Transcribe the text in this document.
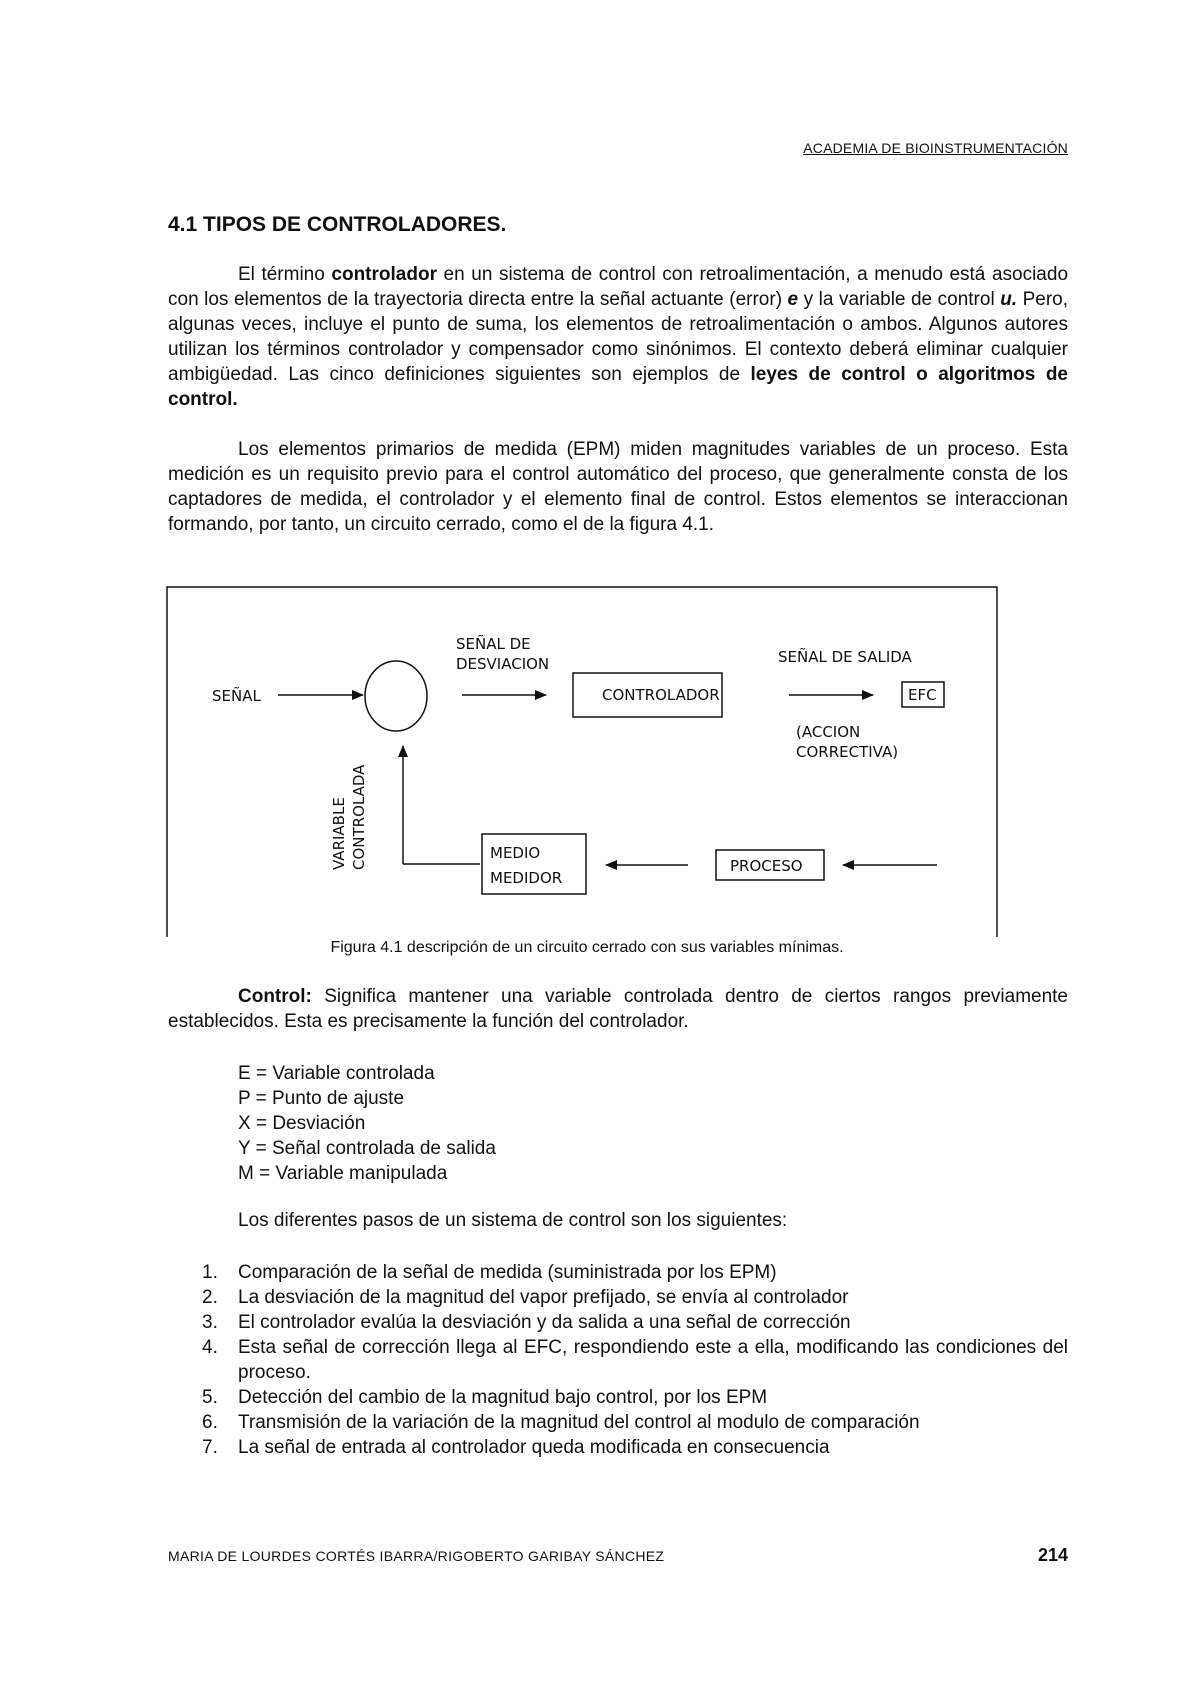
ACADEMIA DE BIOINSTRUMENTACIÓN
4.1 TIPOS DE CONTROLADORES.

El término controlador en un sistema de control con retroalimentación, a menudo está asociado con los elementos de la trayectoria directa entre la señal actuante (error) e y la variable de control u. Pero, algunas veces, incluye el punto de suma, los elementos de retroalimentación o ambos. Algunos autores utilizan los términos controlador y compensador como sinónimos. El contexto deberá eliminar cualquier ambigüedad. Las cinco definiciones siguientes son ejemplos de leyes de control o algoritmos de control.

Los elementos primarios de medida (EPM) miden magnitudes variables de un proceso. Esta medición es un requisito previo para el control automático del proceso, que generalmente consta de los captadores de medida, el controlador y el elemento final de control. Estos elementos se interaccionan formando, por tanto, un circuito cerrado, como el de la figura 4.1.

SEÑAL
SEÑAL DE
DESVIACION
CONTROLADOR
SEÑAL DE SALIDA
EFC
(ACCION
CORRECTIVA)
VARIABLE CONTROLADA	MEDIO
MEDIDOR
PROCESO
Figura 4.1 descripción de un circuito cerrado con sus variables mínimas.

Control: Significa mantener una variable controlada dentro de ciertos rangos previamente establecidos. Esta es precisamente la función del controlador.

E = Variable controlada
P = Punto de ajuste
X = Desviación
Y = Señal controlada de salida
M = Variable manipulada
Los diferentes pasos de un sistema de control son los siguientes:
1.	Comparación de la señal de medida (suministrada por los EPM)
2.	La desviación de la magnitud del vapor prefijado, se envía al controlador
3.	El controlador evalúa la desviación y da salida a una señal de corrección
4.	Esta señal de corrección llega al EFC, respondiendo este a ella, modificando las condiciones del proceso.
5.	Detección del cambio de la magnitud bajo control, por los EPM
6.	Transmisión de la variación de la magnitud del control al modulo de comparación
7.	La señal de entrada al controlador queda modificada en consecuencia
MARIA DE LOURDES CORTÉS IBARRA/RIGOBERTO GARIBAY SÁNCHEZ	214
